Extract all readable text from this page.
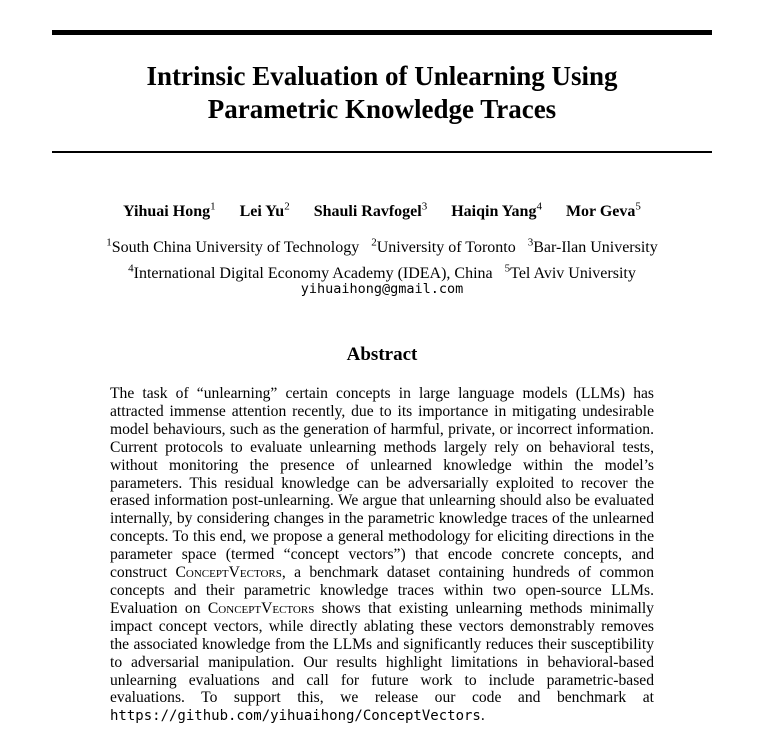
Intrinsic Evaluation of Unlearning Using
Parametric Knowledge Traces
Yihuai Hong$^1$ Lei Yu$^2$ Shauli Ravfogel$^3$ Haiqin Yang$^4$ Mor Geva$^5$
$^1$South China University of Technology $^2$University of Toronto $^3$Bar-Ilan University
$^4$International Digital Economy Academy (IDEA), China $^5$Tel Aviv University
yihuaihong@gmail.com
Abstract
The task of “unlearning” certain concepts in large language models (LLMs) has attracted immense attention recently, due to its importance in mitigating undesirable model behaviours, such as the generation of harmful, private, or incorrect information. Current protocols to evaluate unlearning methods largely rely on behavioral tests, without monitoring the presence of unlearned knowledge within the model’s parameters. This residual knowledge can be adversarially exploited to recover the erased information post-unlearning. We argue that unlearning should also be evaluated internally, by considering changes in the parametric knowledge traces of the unlearned concepts. To this end, we propose a general methodology for eliciting directions in the parameter space (termed “concept vectors”) that encode concrete concepts, and construct ConceptVectors, a benchmark dataset containing hundreds of common concepts and their parametric knowledge traces within two open-source LLMs. Evaluation on ConceptVectors shows that existing unlearning methods minimally impact concept vectors, while directly ablating these vectors demonstrably removes the associated knowledge from the LLMs and significantly reduces their susceptibility to adversarial manipulation. Our results highlight limitations in behavioral-based unlearning evaluations and call for future work to include parametric-based evaluations. To support this, we release our code and benchmark at https://github.com/yihuaihong/ConceptVectors.
